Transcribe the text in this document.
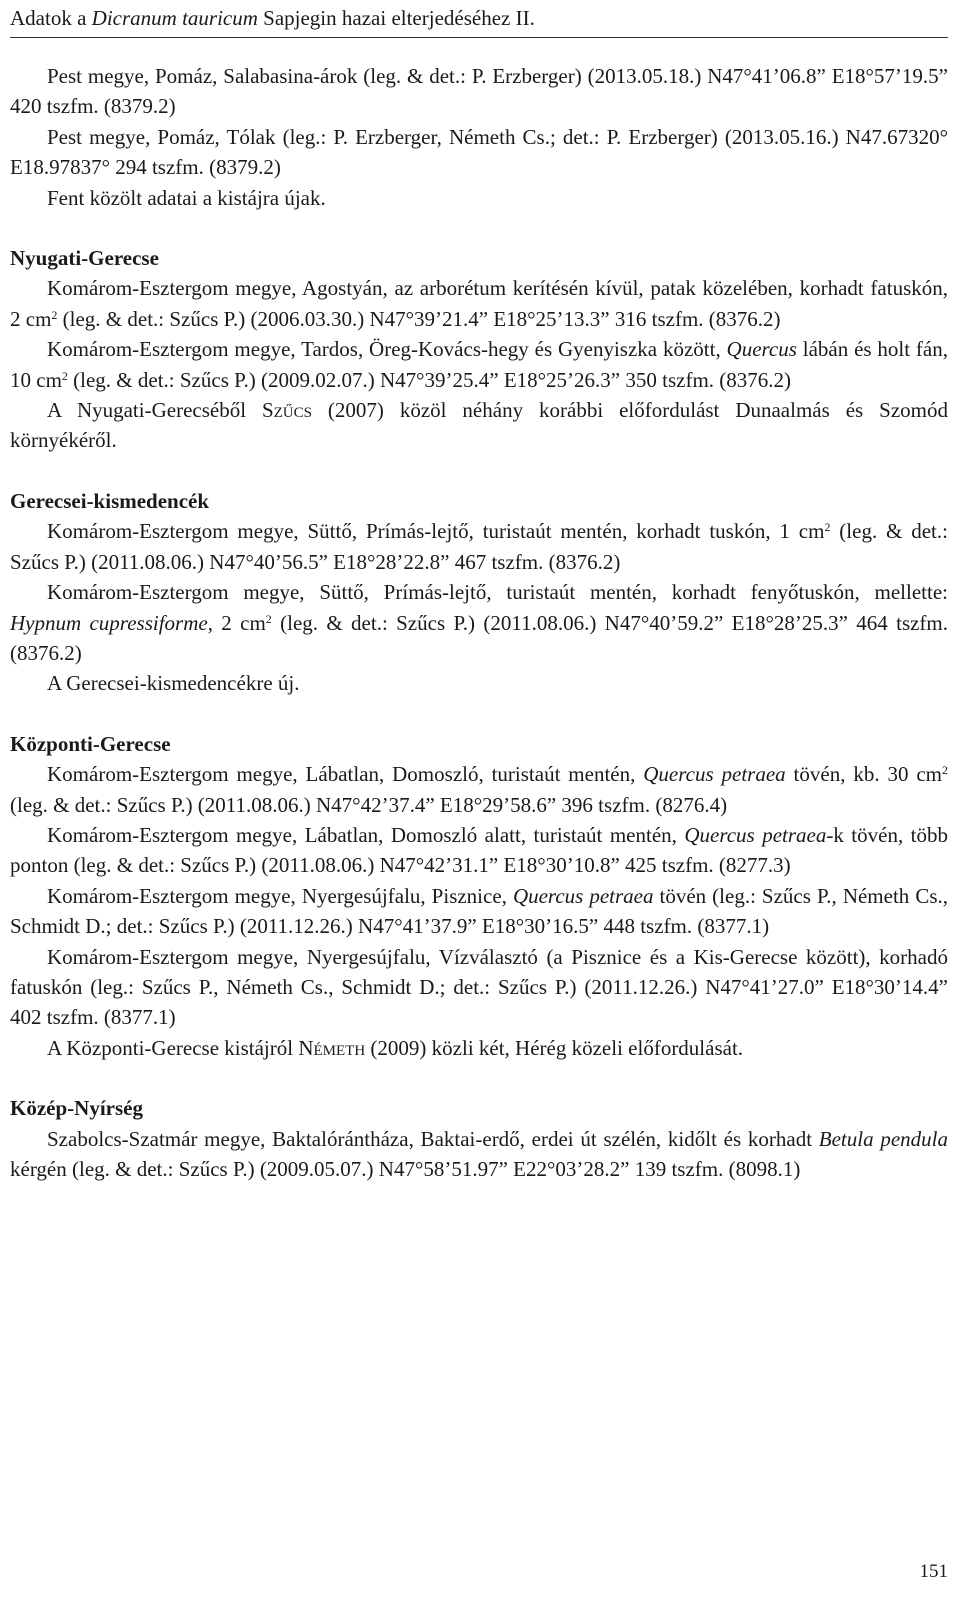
Adatok a Dicranum tauricum Sapjegin hazai elterjedéséhez II.

Pest megye, Pomáz, Salabasina-árok (leg. & det.: P. Erzberger) (2013.05.18.) N47°41’06.8” E18°57’19.5” 420 tszfm. (8379.2)

Pest megye, Pomáz, Tólak (leg.: P. Erzberger, Németh Cs.; det.: P. Erzberger) (2013.05.16.) N47.67320° E18.97837° 294 tszfm. (8379.2)

Fent közölt adatai a kistájra újak.

Nyugati-Gerecse

Komárom-Esztergom megye, Agostyán, az arborétum kerítésén kívül, patak közelében, korhadt fatuskón, 2 $cm^2$ (leg. & det.: Szűcs P.) (2006.03.30.) N47°39’21.4” E18°25’13.3” 316 tszfm. (8376.2)

Komárom-Esztergom megye, Tardos, Öreg-Kovács-hegy és Gyenyiszka között, Quercus lábán és holt fán, 10 $cm^2$ (leg. & det.: Szűcs P.) (2009.02.07.) N47°39’25.4” E18°25’26.3” 350 tszfm. (8376.2)

A Nyugati-Gerecséből Szűcs (2007) közöl néhány korábbi előfordulást Dunaalmás és Szomód környékéről.

Gerecsei-kismedencék

Komárom-Esztergom megye, Süttő, Prímás-lejtő, turistaút mentén, korhadt tuskón, 1 $cm^2$ (leg. & det.: Szűcs P.) (2011.08.06.) N47°40’56.5” E18°28’22.8” 467 tszfm. (8376.2)

Komárom-Esztergom megye, Süttő, Prímás-lejtő, turistaút mentén, korhadt fenyőtuskón, mellette: Hypnum cupressiforme, 2 $cm^2$ (leg. & det.: Szűcs P.) (2011.08.06.) N47°40’59.2” E18°28’25.3” 464 tszfm. (8376.2)

A Gerecsei-kismedencékre új.

Központi-Gerecse

Komárom-Esztergom megye, Lábatlan, Domoszló, turistaút mentén, Quercus petraea tövén, kb. 30 $cm^2$ (leg. & det.: Szűcs P.) (2011.08.06.) N47°42’37.4” E18°29’58.6” 396 tszfm. (8276.4)

Komárom-Esztergom megye, Lábatlan, Domoszló alatt, turistaút mentén, Quercus petraea-k tövén, több ponton (leg. & det.: Szűcs P.) (2011.08.06.) N47°42’31.1” E18°30’10.8” 425 tszfm. (8277.3)

Komárom-Esztergom megye, Nyergesújfalu, Pisznice, Quercus petraea tövén (leg.: Szűcs P., Németh Cs., Schmidt D.; det.: Szűcs P.) (2011.12.26.) N47°41’37.9” E18°30’16.5” 448 tszfm. (8377.1)

Komárom-Esztergom megye, Nyergesújfalu, Vízválasztó (a Pisznice és a Kis-Gerecse között), korhadó fatuskón (leg.: Szűcs P., Németh Cs., Schmidt D.; det.: Szűcs P.) (2011.12.26.) N47°41’27.0” E18°30’14.4” 402 tszfm. (8377.1)

A Központi-Gerecse kistájról Németh (2009) közli két, Hérég közeli előfordulását.

Közép-Nyírség

Szabolcs-Szatmár megye, Baktalórántháza, Baktai-erdő, erdei út szélén, kidőlt és korhadt Betula pendula kérgén (leg. & det.: Szűcs P.) (2009.05.07.) N47°58’51.97” E22°03’28.2” 139 tszfm. (8098.1)

151
